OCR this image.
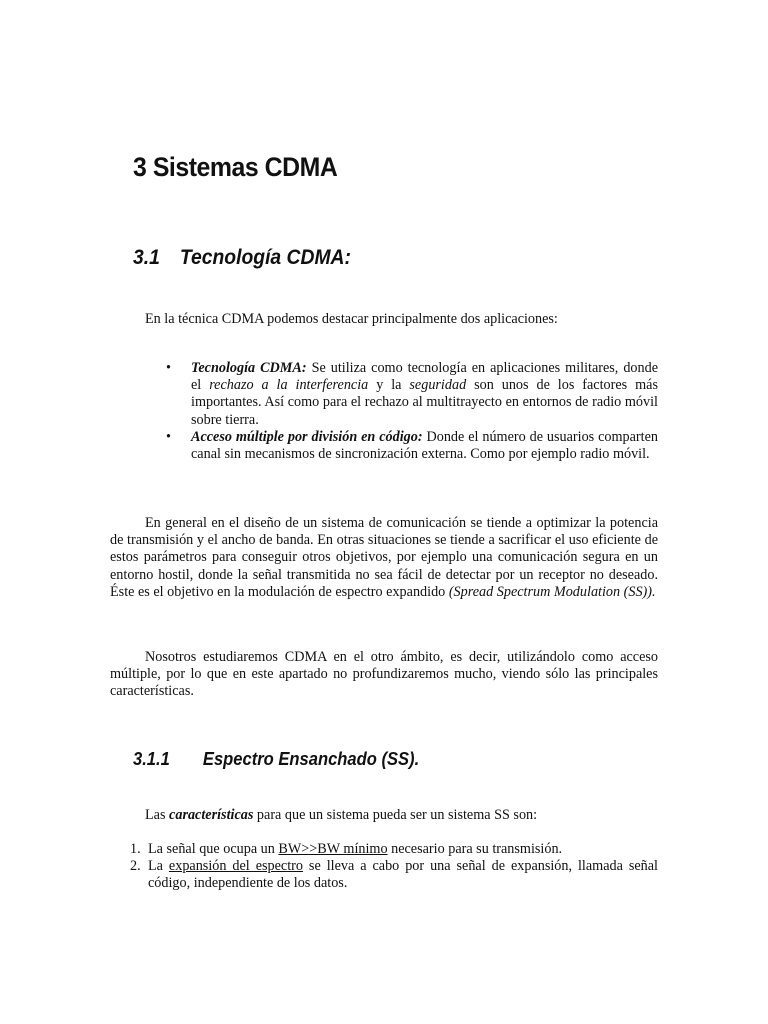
3 Sistemas CDMA
3.1 Tecnología CDMA:

En la técnica CDMA podemos destacar principalmente dos aplicaciones:

•	Tecnología CDMA: Se utiliza como tecnología en aplicaciones militares, donde el rechazo a la interferencia y la seguridad son unos de los factores más importantes. Así como para el rechazo al multitrayecto en entornos de radio móvil sobre tierra.
•	Acceso múltiple por división en código: Donde el número de usuarios comparten canal sin mecanismos de sincronización externa. Como por ejemplo radio móvil.

En general en el diseño de un sistema de comunicación se tiende a optimizar la potencia de transmisión y el ancho de banda. En otras situaciones se tiende a sacrificar el uso eficiente de estos parámetros para conseguir otros objetivos, por ejemplo una comunicación segura en un entorno hostil, donde la señal transmitida no sea fácil de detectar por un receptor no deseado. Éste es el objetivo en la modulación de espectro expandido (Spread Spectrum Modulation (SS)).

Nosotros estudiaremos CDMA en el otro ámbito, es decir, utilizándolo como acceso múltiple, por lo que en este apartado no profundizaremos mucho, viendo sólo las principales características.

3.1.1 Espectro Ensanchado (SS).

Las características para que un sistema pueda ser un sistema SS son:

1. La señal que ocupa un BW>>BW mínimo necesario para su transmisión.
2. La expansión del espectro se lleva a cabo por una señal de expansión, llamada señal código, independiente de los datos.
